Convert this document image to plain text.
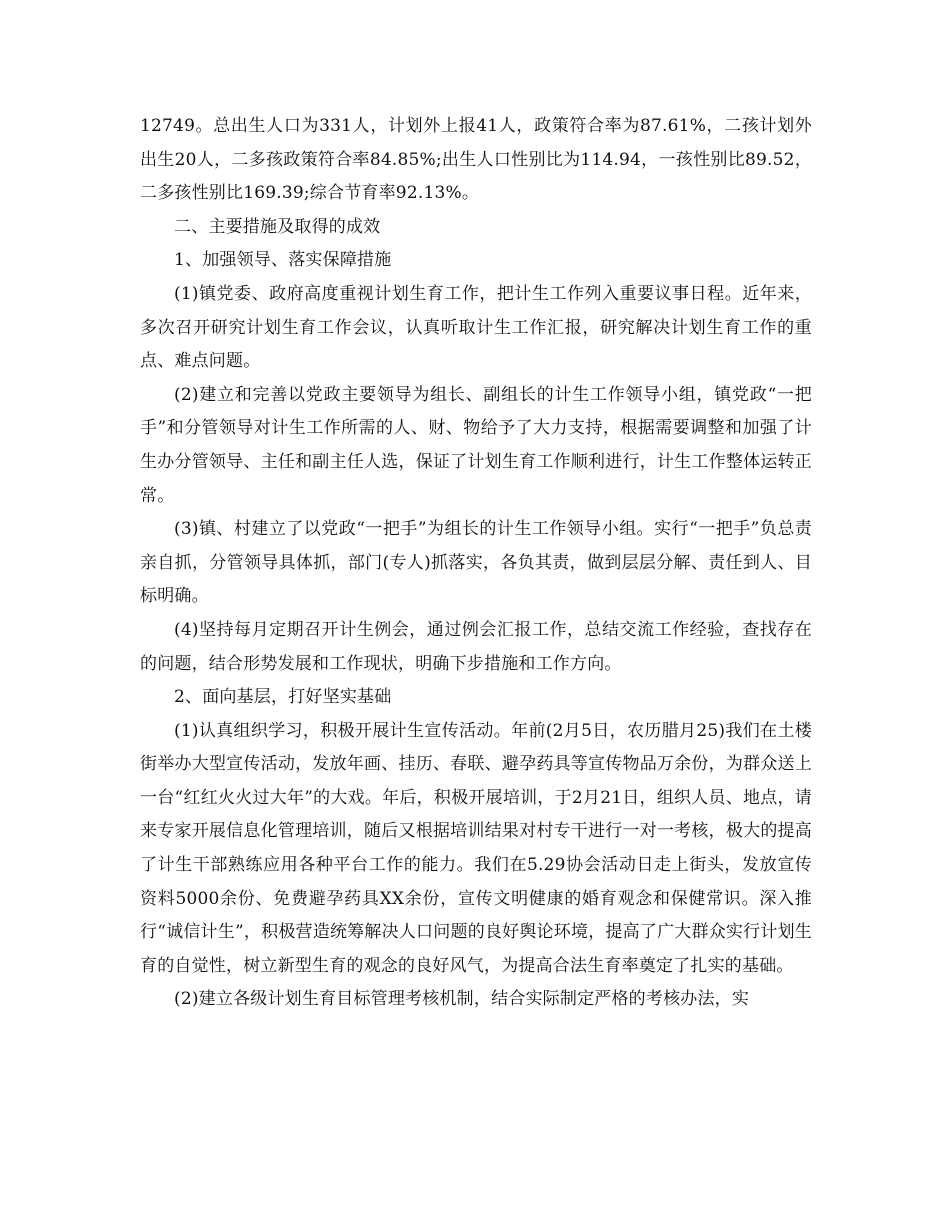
12749。总出生人口为331人，计划外上报41人，政策符合率为87.61%，二孩计划外出生20人，二多孩政策符合率84.85%;出生人口性别比为114.94，一孩性别比89.52，二多孩性别比169.39;综合节育率92.13%。

二、主要措施及取得的成效

1、加强领导、落实保障措施

(1)镇党委、政府高度重视计划生育工作，把计生工作列入重要议事日程。近年来，多次召开研究计划生育工作会议，认真听取计生工作汇报，研究解决计划生育工作的重点、难点问题。

(2)建立和完善以党政主要领导为组长、副组长的计生工作领导小组，镇党政“一把手”和分管领导对计生工作所需的人、财、物给予了大力支持，根据需要调整和加强了计生办分管领导、主任和副主任人选，保证了计划生育工作顺利进行，计生工作整体运转正常。

(3)镇、村建立了以党政“一把手”为组长的计生工作领导小组。实行“一把手”负总责亲自抓，分管领导具体抓，部门(专人)抓落实，各负其责，做到层层分解、责任到人、目标明确。

(4)坚持每月定期召开计生例会，通过例会汇报工作，总结交流工作经验，查找存在的问题，结合形势发展和工作现状，明确下步措施和工作方向。

2、面向基层，打好坚实基础

(1)认真组织学习，积极开展计生宣传活动。年前(2月5日，农历腊月25)我们在土楼街举办大型宣传活动，发放年画、挂历、春联、避孕药具等宣传物品万余份，为群众送上一台“红红火火过大年”的大戏。年后，积极开展培训，于2月21日，组织人员、地点，请来专家开展信息化管理培训，随后又根据培训结果对村专干进行一对一考核，极大的提高了计生干部熟练应用各种平台工作的能力。我们在5.29协会活动日走上街头，发放宣传资料5000余份、免费避孕药具XX余份，宣传文明健康的婚育观念和保健常识。深入推行“诚信计生”，积极营造统筹解决人口问题的良好舆论环境，提高了广大群众实行计划生育的自觉性，树立新型生育的观念的良好风气，为提高合法生育率奠定了扎实的基础。

(2)建立各级计划生育目标管理考核机制，结合实际制定严格的考核办法，实
